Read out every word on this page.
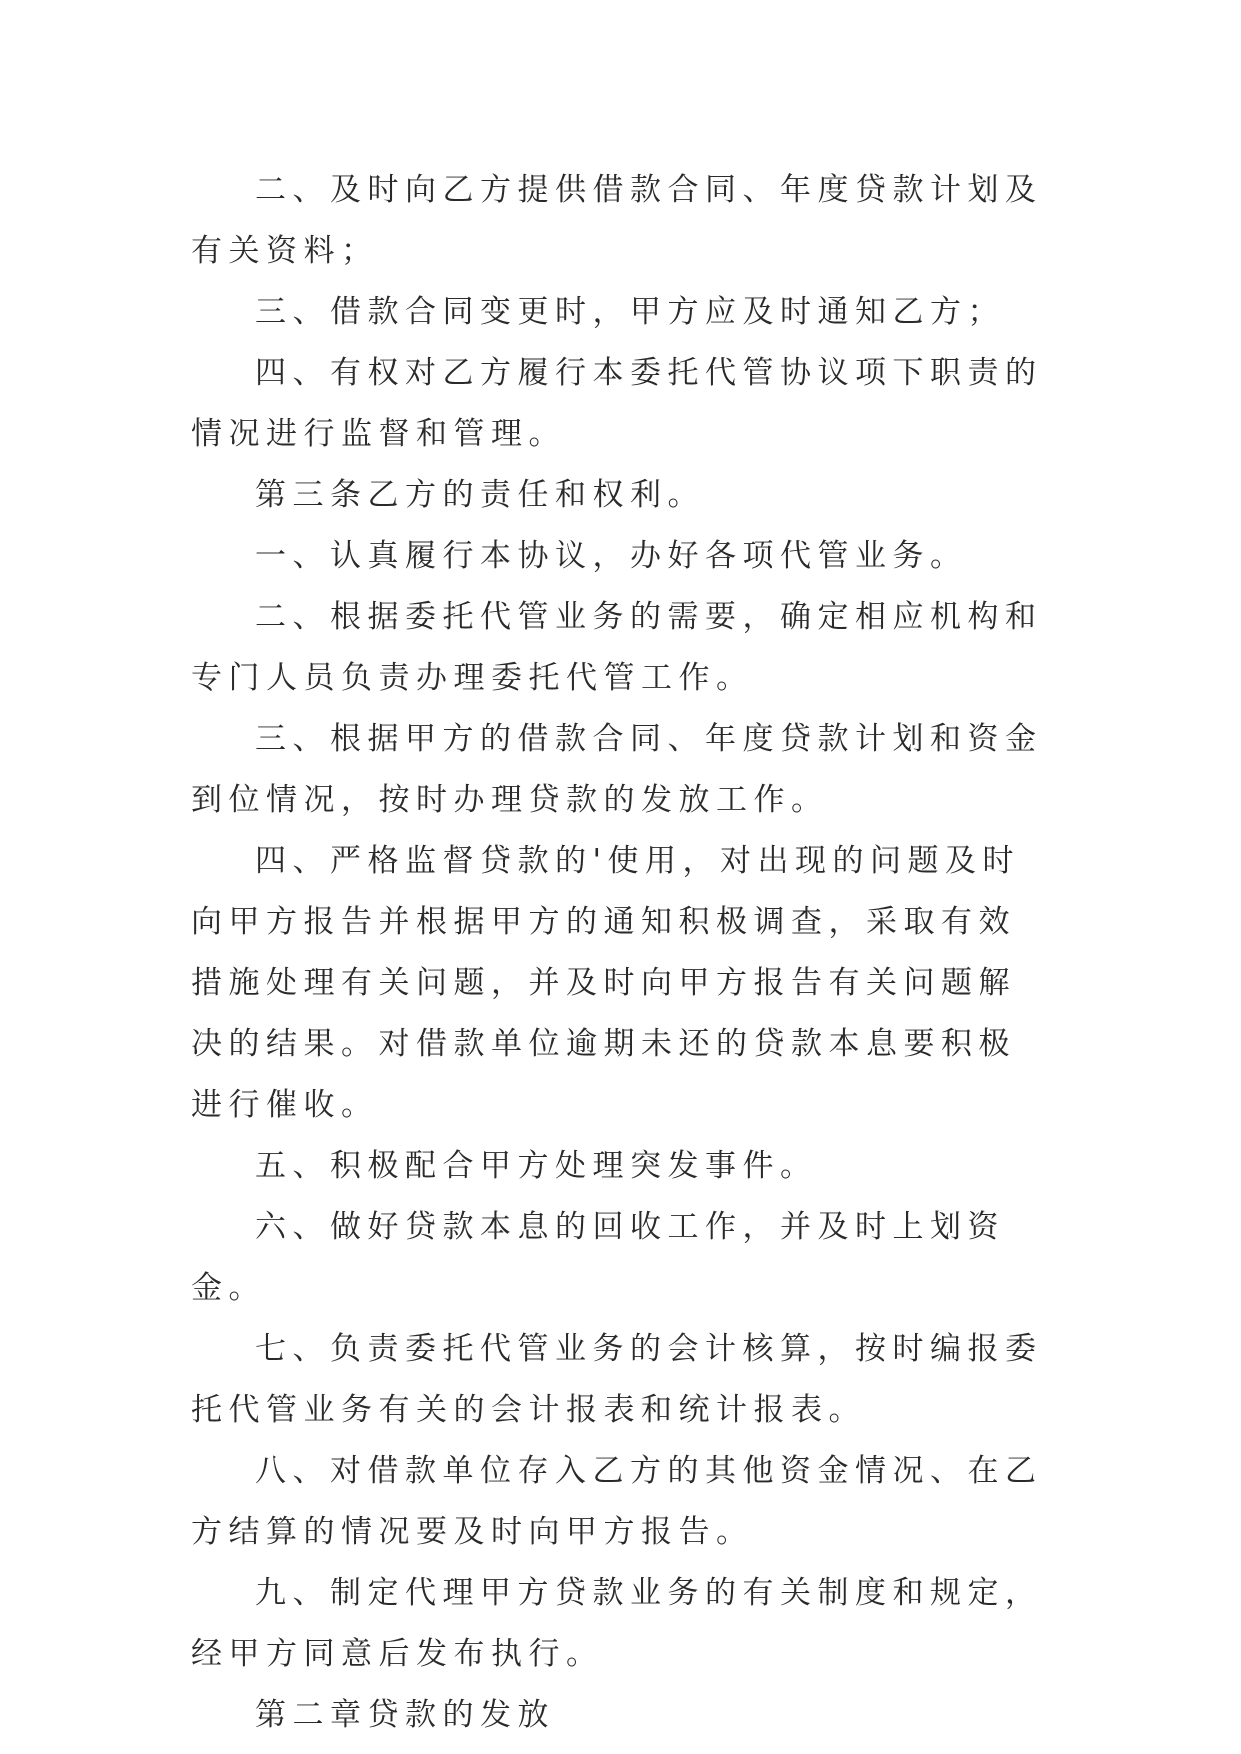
二、及时向乙方提供借款合同、年度贷款计划及有关资料；

三、借款合同变更时，甲方应及时通知乙方；

四、有权对乙方履行本委托代管协议项下职责的情况进行监督和管理。

第三条乙方的责任和权利。

一、认真履行本协议，办好各项代管业务。

二、根据委托代管业务的需要，确定相应机构和专门人员负责办理委托代管工作。

三、根据甲方的借款合同、年度贷款计划和资金到位情况，按时办理贷款的发放工作。

四、严格监督贷款的'使用，对出现的问题及时向甲方报告并根据甲方的通知积极调查，采取有效措施处理有关问题，并及时向甲方报告有关问题解决的结果。对借款单位逾期未还的贷款本息要积极进行催收。

五、积极配合甲方处理突发事件。

六、做好贷款本息的回收工作，并及时上划资金。

七、负责委托代管业务的会计核算，按时编报委托代管业务有关的会计报表和统计报表。

八、对借款单位存入乙方的其他资金情况、在乙方结算的情况要及时向甲方报告。

九、制定代理甲方贷款业务的有关制度和规定，经甲方同意后发布执行。

第二章贷款的发放
